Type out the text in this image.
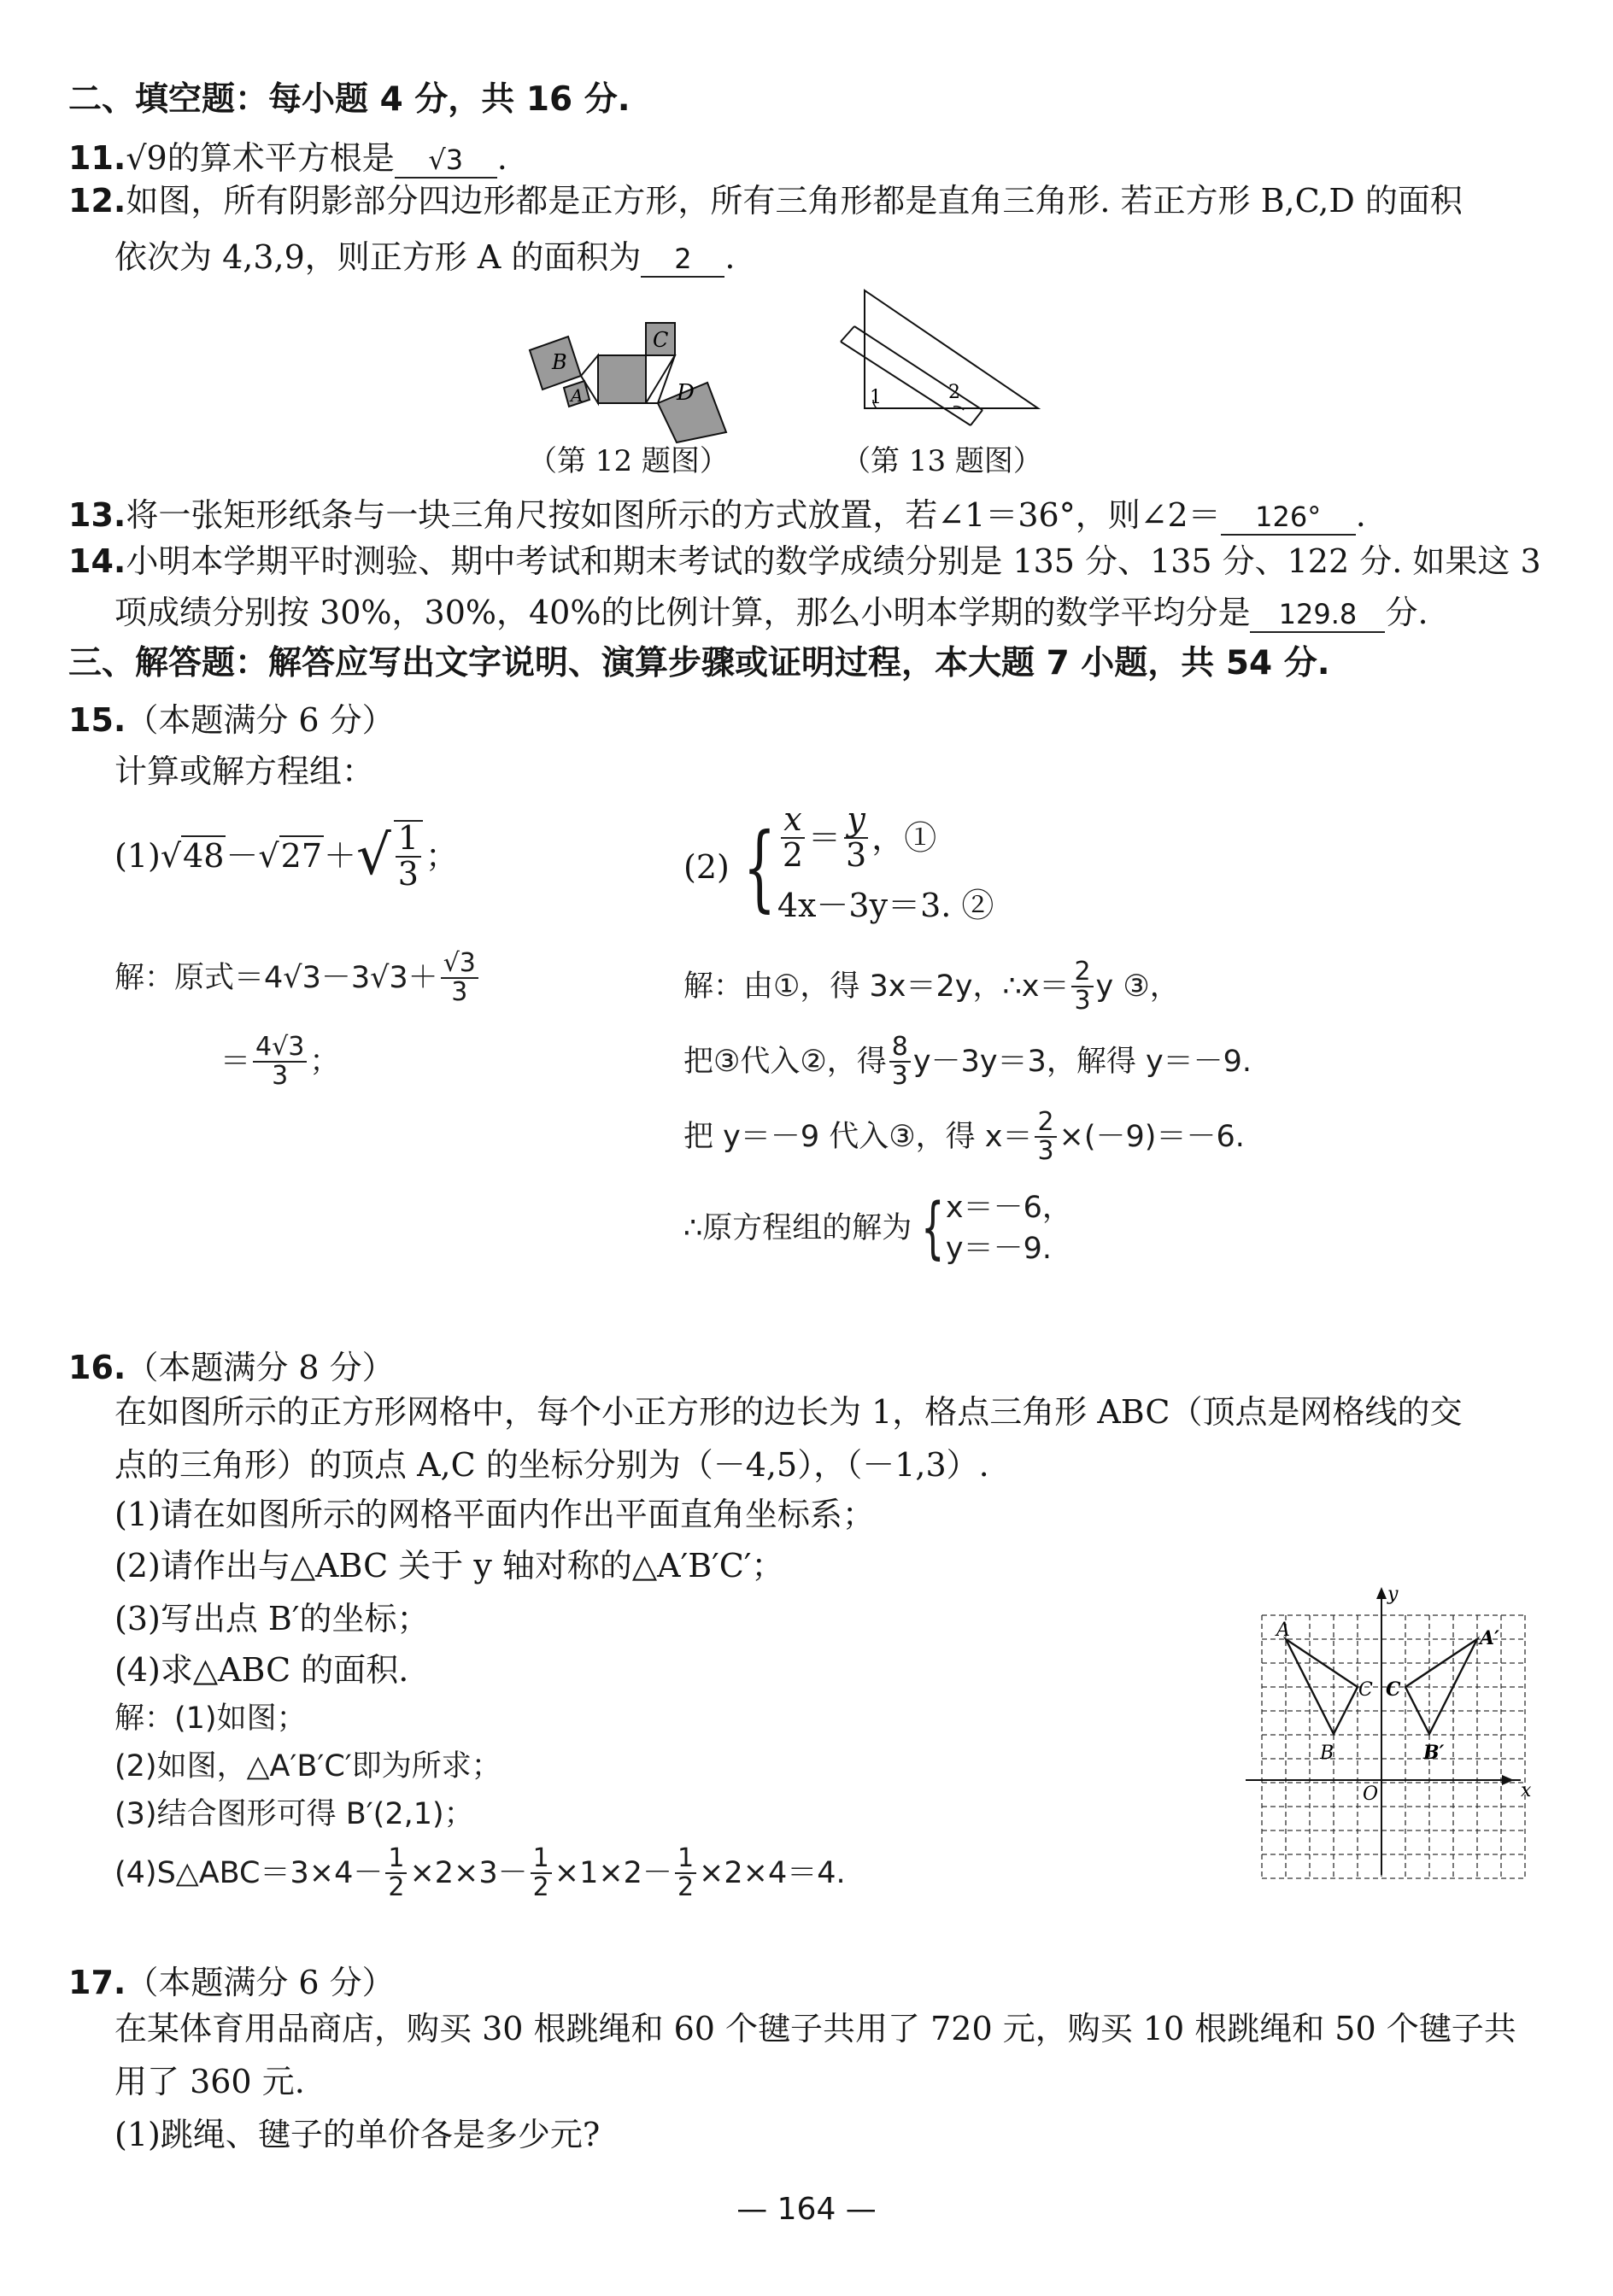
二、填空题：每小题 4 分，共 16 分.
11.√9的算术平方根是 √3 .
12.如图，所有阴影部分四边形都是正方形，所有三角形都是直角三角形. 若正方形 B,C,D 的面积
依次为 4,3,9，则正方形 A 的面积为 2 .
B
A
C
D
（第 12 题图）
1	2
（第 13 题图）
13.将一张矩形纸条与一块三角尺按如图所示的方式放置，若∠1＝36°，则∠2＝ 126° .
14.小明本学期平时测验、期中考试和期末考试的数学成绩分别是 135 分、135 分、122 分. 如果这 3
项成绩分别按 30%，30%，40%的比例计算，那么小明本学期的数学平均分是 129.8 分.
三、解答题：解答应写出文字说明、演算步骤或证明过程，本大题 7 小题，共 54 分.
15.（本题满分 6 分）
计算或解方程组：
(1) √48 － √27 ＋ √ $\frac{1}{3}$ ；	(2) { $\frac{x}{2} = \frac{y}{3}$ ，①
4x－3y＝3. ②
解：原式$=4√3-3√3+ \frac{√3}{3}$
＝ $\frac{4√3}{3}$ ；
解：由①，得 3x＝2y，∴x＝ $\frac{2}{3}$ y ③，
把③代入②，得 $\frac{8}{3} y-3y=3$，解得 y＝－9.
把 y＝－9 代入③，得 $x= \frac{2}{3} \times(-9)=-6$.
∴原方程组的解为 { x＝－6，
y＝－9.
16.（本题满分 8 分）
在如图所示的正方形网格中，每个小正方形的边长为 1，格点三角形 ABC（顶点是网格线的交
点的三角形）的顶点 A,C 的坐标分别为（－4,5），（－1,3）.
(1)请在如图所示的网格平面内作出平面直角坐标系；
(2)请作出与△ABC 关于 y 轴对称的△A′B′C′；
(3)写出点 B′的坐标；
(4)求△ABC 的面积.
解：(1)如图；
(2)如图，△A′B′C′即为所求；
(3)结合图形可得 B′(2,1)；
(4)S△ABC＝3×4－ $\frac{1}{2} \times 2\times 3- \frac{1}{2} \times 1\times 2- \frac{1}{2} \times 2\times 4=4$.
x
y
O
A
B
C
A′
B′
C
17.（本题满分 6 分）
在某体育用品商店，购买 30 根跳绳和 60 个毽子共用了 720 元，购买 10 根跳绳和 50 个毽子共
用了 360 元.
(1)跳绳、毽子的单价各是多少元?
— 164 —
